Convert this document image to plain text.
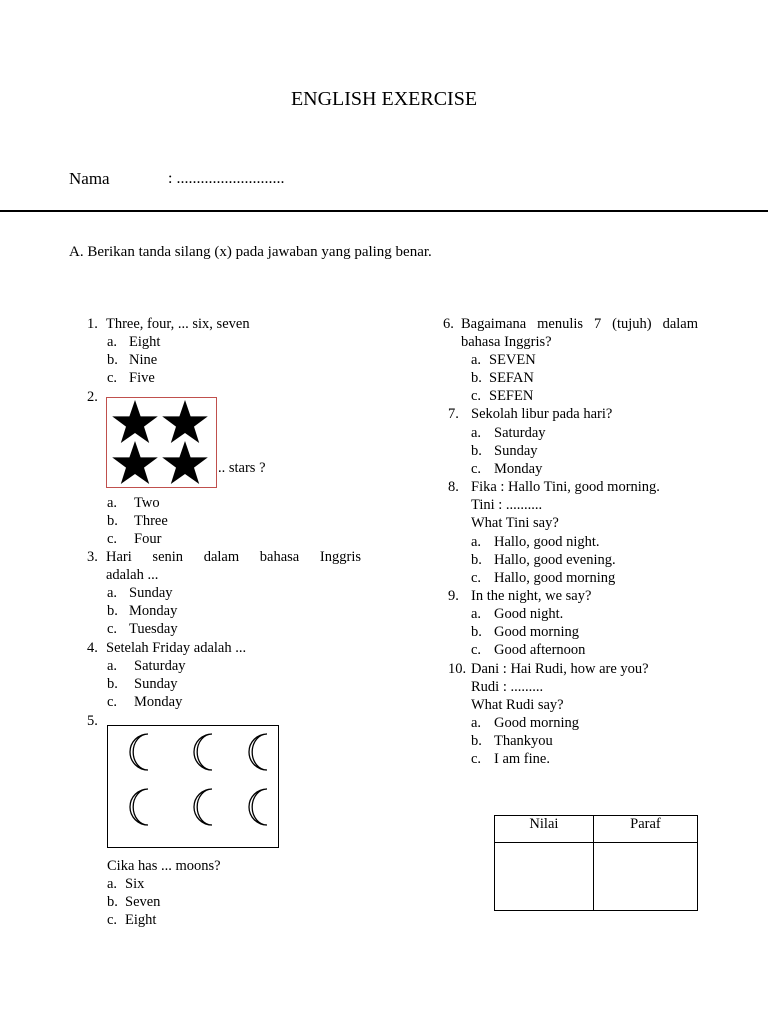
ENGLISH EXERCISE
Nama	: ...........................
A. Berikan tanda silang (x) pada jawaban yang paling benar.
1. Three, four, ... six, seven
a. Eight
b. Nine
c. Five
2.
.. stars ?
a. Two
b. Three
c. Four
3. Hari senin dalam bahasa Inggris
adalah ...
a. Sunday
b. Monday
c. Tuesday
4. Setelah Friday adalah ...
a. Saturday
b. Sunday
c. Monday
5.
Cika has ... moons?
a. Six
b. Seven
c. Eight
6. Bagaimana menulis 7 (tujuh) dalam
bahasa Inggris?
a. SEVEN
b. SEFAN
c. SEFEN
7. Sekolah libur pada hari?
a. Saturday
b. Sunday
c. Monday
8. Fika : Hallo Tini, good morning.
Tini : ..........
What Tini say?
a. Hallo, good night.
b. Hallo, good evening.
c. Hallo, good morning
9. In the night, we say?
a. Good night.
b. Good morning
c. Good afternoon
10. Dani : Hai Rudi, how are you?
Rudi : .........
What Rudi say?
a. Good morning
b. Thankyou
c. I am fine.
Nilai	Paraf
